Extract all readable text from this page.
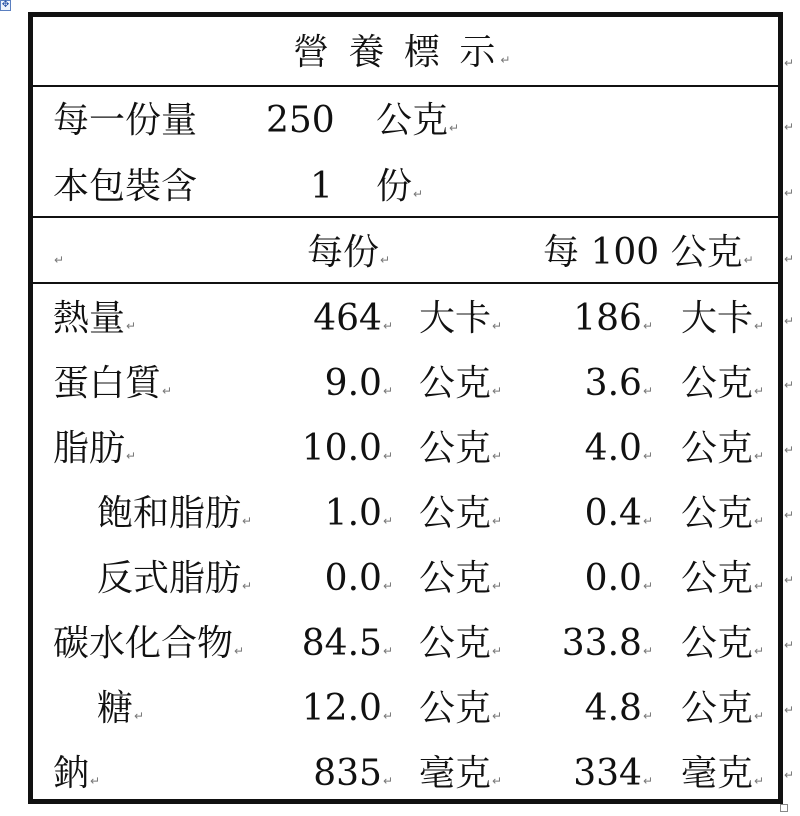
✥
營 養 標 示↵
每一份量 250 公克↵
本包裝含	1 份↵
↵	每份↵	每 100 公克↵
熱量↵	464↵ 大卡↵	186↵ 大卡↵
蛋白質↵	9.0↵ 公克↵	3.6↵ 公克↵
脂肪↵	10.0↵ 公克↵	4.0↵ 公克↵
飽和脂肪↵	1.0↵ 公克↵	0.4↵ 公克↵
反式脂肪↵	0.0↵ 公克↵	0.0↵ 公克↵
碳水化合物↵	84.5↵ 公克↵	33.8↵ 公克↵
糖↵	12.0↵ 公克↵	4.8↵ 公克↵
鈉↵	835↵ 毫克↵	334↵ 毫克↵
↵
↵
↵
↵
↵
↵
↵
↵
↵
↵
↵
↵
